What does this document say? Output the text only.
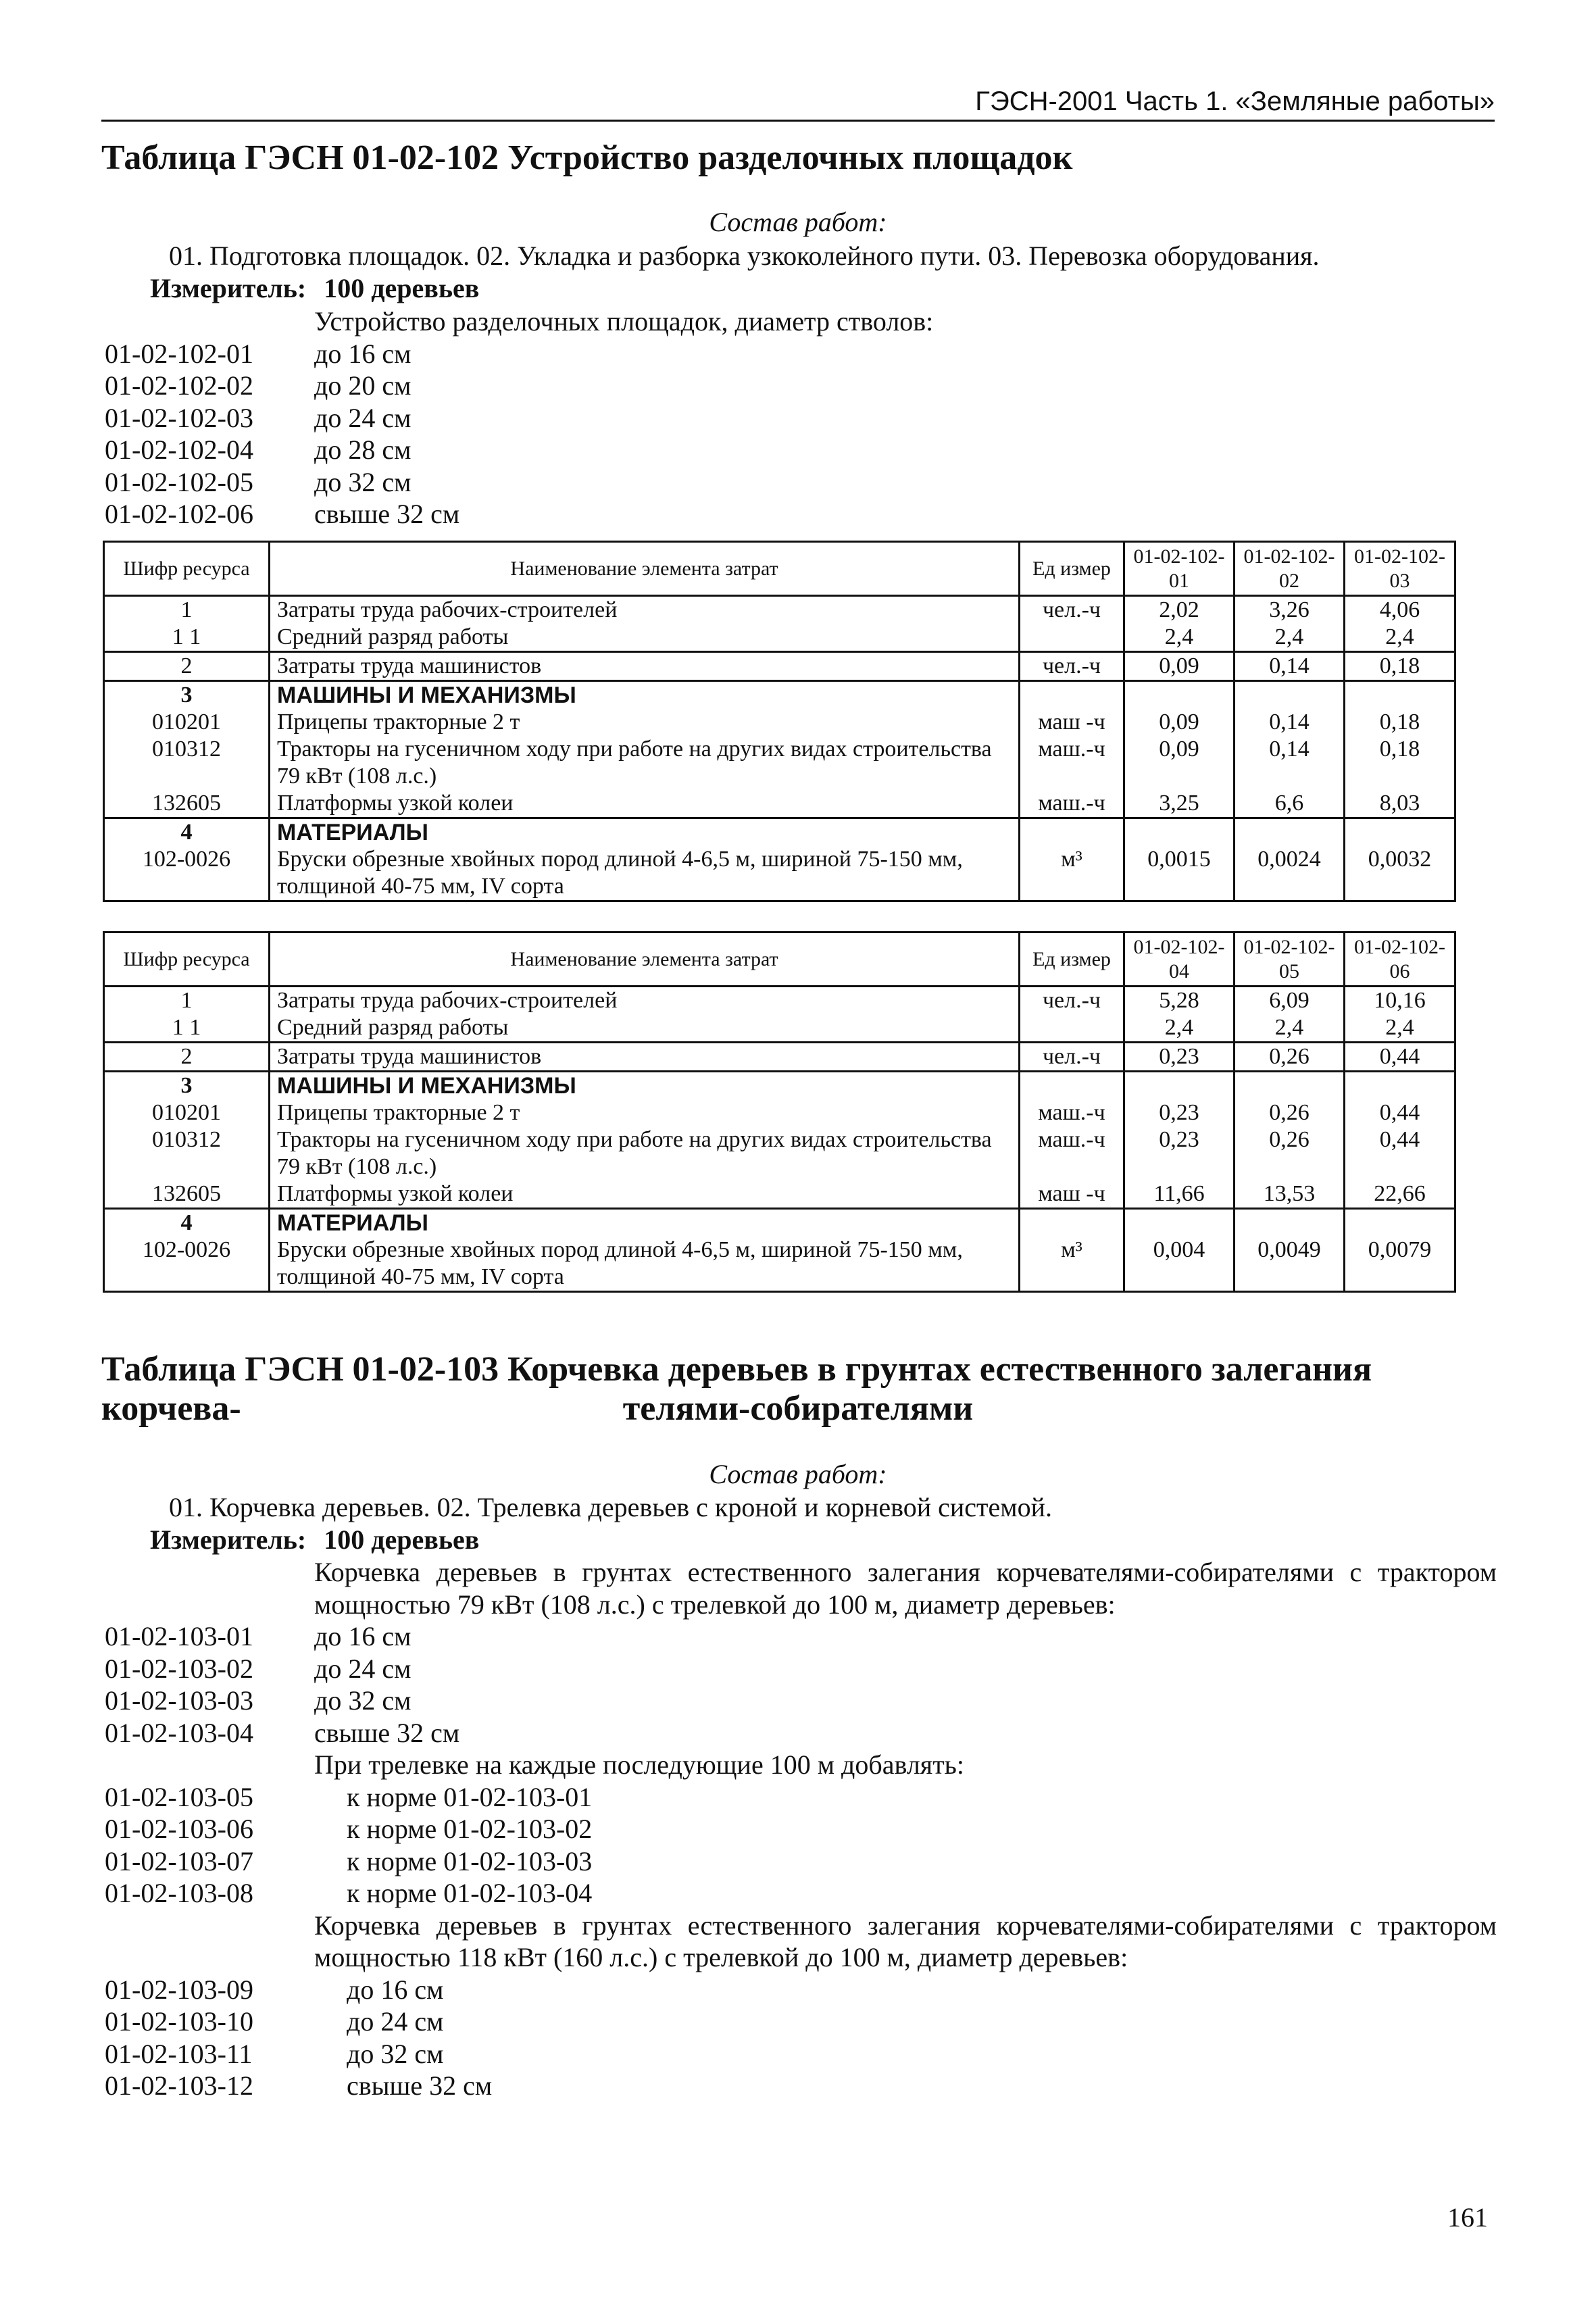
ГЭСН-2001 Часть 1. «Земляные работы»
Таблица ГЭСН 01-02-102 Устройство разделочных площадок
Состав работ:
01. Подготовка площадок. 02. Укладка и разборка узкоколейного пути. 03. Перевозка оборудования.
Измеритель: 100 деревьев
Устройство разделочных площадок, диаметр стволов:
01-02-102-01	до 16 см
01-02-102-02	до 20 см
01-02-102-03	до 24 см
01-02-102-04	до 28 см
01-02-102-05	до 32 см
01-02-102-06	свыше 32 см
Шифр ресурса	Наименование элемента затрат	Ед измер	01-02-102-01	01-02-102-02	01-02-102-03
1	Затраты труда рабочих-строителей	чел.-ч	2,02	3,26	4,06
1 1	Средний разряд работы		2,4	2,4	2,4
2	Затраты труда машинистов	чел.-ч	0,09	0,14	0,18
3	МАШИНЫ И МЕХАНИЗМЫ				
010201	Прицепы тракторные 2 т	маш -ч	0,09	0,14	0,18
010312	Тракторы на гусеничном ходу при работе на других видах строительства 79 кВт (108 л.с.)	маш.-ч	0,09	0,14	0,18
132605	Платформы узкой колеи	маш.-ч	3,25	6,6	8,03
4	МАТЕРИАЛЫ				
102-0026	Бруски обрезные хвойных пород длиной 4-6,5 м, шириной 75-150 мм, толщиной 40-75 мм, IV сорта	м³	0,0015	0,0024	0,0032
Шифр ресурса	Наименование элемента затрат	Ед измер	01-02-102-04	01-02-102-05	01-02-102-06
1	Затраты труда рабочих-строителей	чел.-ч	5,28	6,09	10,16
1 1	Средний разряд работы		2,4	2,4	2,4
2	Затраты труда машинистов	чел.-ч	0,23	0,26	0,44
3	МАШИНЫ И МЕХАНИЗМЫ				
010201	Прицепы тракторные 2 т	маш.-ч	0,23	0,26	0,44
010312	Тракторы на гусеничном ходу при работе на других видах строительства 79 кВт (108 л.с.)	маш.-ч	0,23	0,26	0,44
132605	Платформы узкой колеи	маш -ч	11,66	13,53	22,66
4	МАТЕРИАЛЫ				
102-0026	Бруски обрезные хвойных пород длиной 4-6,5 м, шириной 75-150 мм, толщиной 40-75 мм, IV сорта	м³	0,004	0,0049	0,0079
Таблица ГЭСН 01-02-103 Корчевка деревьев в грунтах естественного залегания корчева-	телями-собирателями
Состав работ:
01. Корчевка деревьев. 02. Трелевка деревьев с кроной и корневой системой.
Измеритель: 100 деревьев
Корчевка деревьев в грунтах естественного залегания корчевателями-собирателями с трактором мощностью 79 кВт (108 л.с.) с трелевкой до 100 м, диаметр деревьев:
01-02-103-01	до 16 см
01-02-103-02	до 24 см
01-02-103-03	до 32 см
01-02-103-04	свыше 32 см
При трелевке на каждые последующие 100 м добавлять:
01-02-103-05	к норме 01-02-103-01
01-02-103-06	к норме 01-02-103-02
01-02-103-07	к норме 01-02-103-03
01-02-103-08	к норме 01-02-103-04
Корчевка деревьев в грунтах естественного залегания корчевателями-собирателями с трактором мощностью 118 кВт (160 л.с.) с трелевкой до 100 м, диаметр деревьев:
01-02-103-09	до 16 см
01-02-103-10	до 24 см
01-02-103-11	до 32 см
01-02-103-12	свыше 32 см
161
